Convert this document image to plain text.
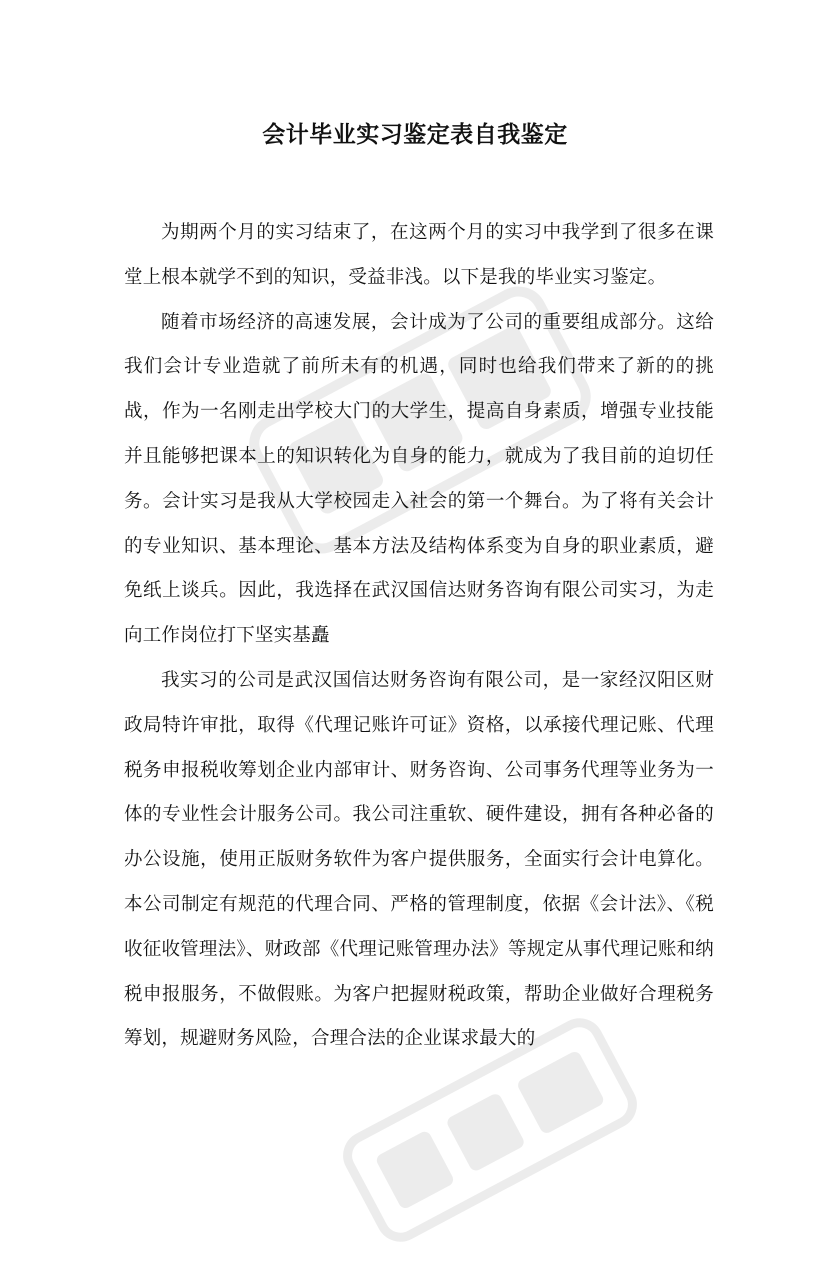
会计毕业实习鉴定表自我鉴定

为期两个月的实习结束了，在这两个月的实习中我学到了很多在课堂上根本就学不到的知识，受益非浅。以下是我的毕业实习鉴定。

随着市场经济的高速发展，会计成为了公司的重要组成部分。这给我们会计专业造就了前所未有的机遇，同时也给我们带来了新的的挑战，作为一名刚走出学校大门的大学生，提高自身素质，增强专业技能并且能够把课本上的知识转化为自身的能力，就成为了我目前的迫切任务。会计实习是我从大学校园走入社会的第一个舞台。为了将有关会计的专业知识、基本理论、基本方法及结构体系变为自身的职业素质，避免纸上谈兵。因此，我选择在武汉国信达财务咨询有限公司实习，为走向工作岗位打下坚实基矗

我实习的公司是武汉国信达财务咨询有限公司，是一家经汉阳区财政局特许审批，取得《代理记账许可证》资格，以承接代理记账、代理税务申报税收筹划企业内部审计、财务咨询、公司事务代理等业务为一体的专业性会计服务公司。我公司注重软、硬件建设，拥有各种必备的办公设施，使用正版财务软件为客户提供服务，全面实行会计电算化。本公司制定有规范的代理合同、严格的管理制度，依据《会计法》、《税收征收管理法》、财政部《代理记账管理办法》等规定从事代理记账和纳税申报服务，不做假账。为客户把握财税政策，帮助企业做好合理税务筹划，规避财务风险，合理合法的企业谋求最大的
